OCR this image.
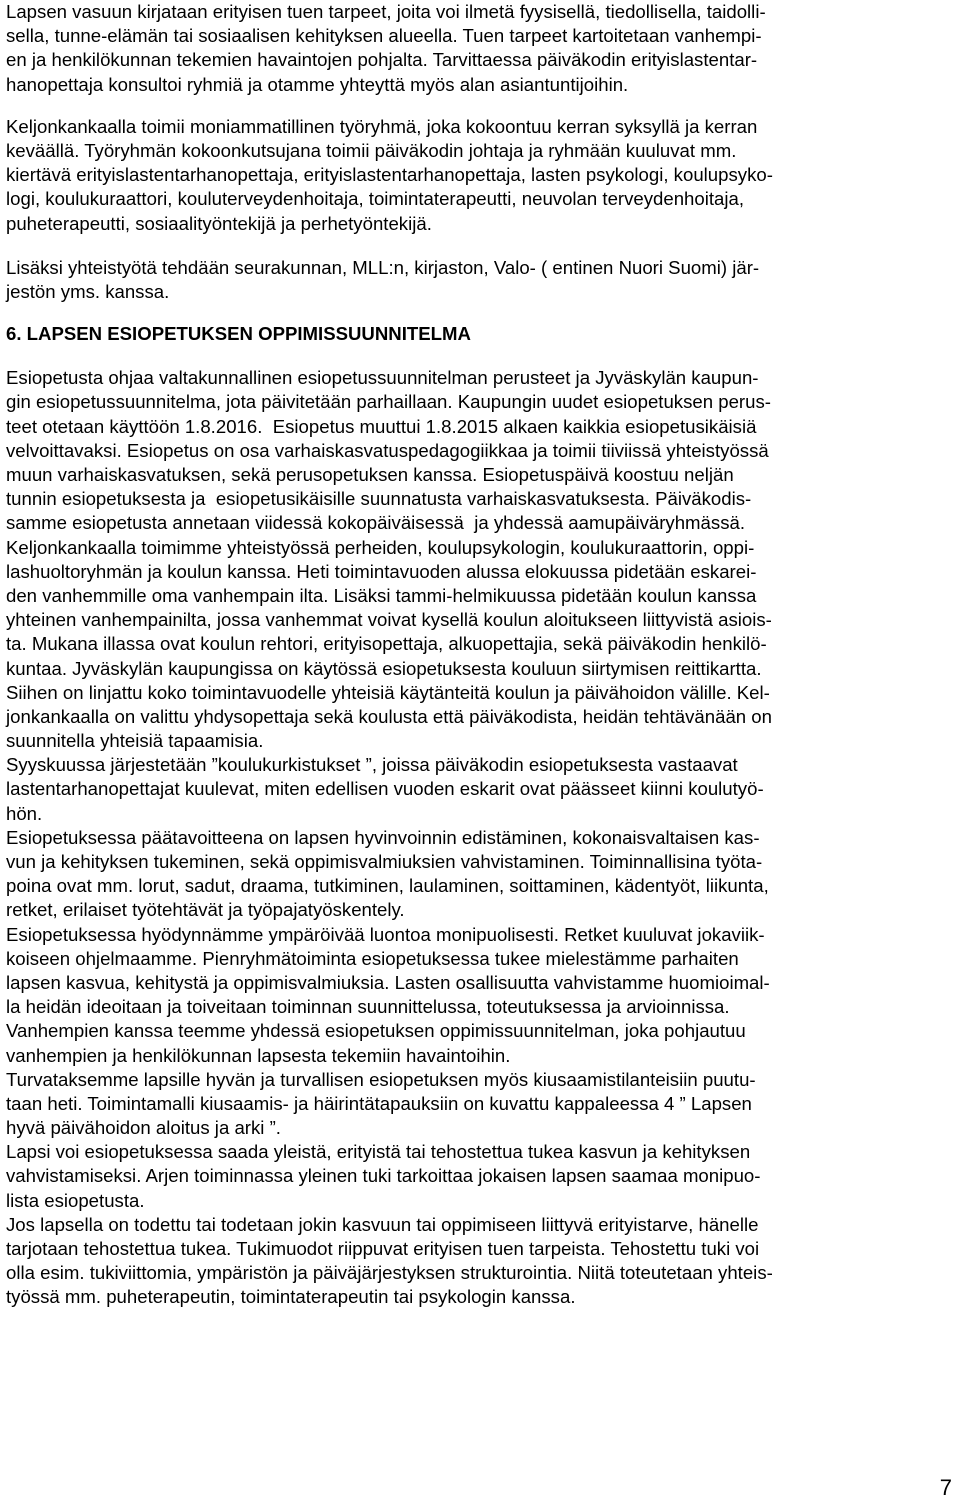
Lapsen vasuun kirjataan erityisen tuen tarpeet, joita voi ilmetä fyysisellä, tiedollisella, taidolli-
sella, tunne-elämän tai sosiaalisen kehityksen alueella. Tuen tarpeet kartoitetaan vanhempi-
en ja henkilökunnan tekemien havaintojen pohjalta. Tarvittaessa päiväkodin erityislastentar-
hanopettaja konsultoi ryhmiä ja otamme yhteyttä myös alan asiantuntijoihin.
Keljonkankaalla toimii moniammatillinen työryhmä, joka kokoontuu kerran syksyllä ja kerran
keväällä. Työryhmän kokoonkutsujana toimii päiväkodin johtaja ja ryhmään kuuluvat mm.
kiertävä erityislastentarhanopettaja, erityislastentarhanopettaja, lasten psykologi, koulupsyko-
logi, koulukuraattori, kouluterveydenhoitaja, toimintaterapeutti, neuvolan terveydenhoitaja,
puheterapeutti, sosiaalityöntekijä ja perhetyöntekijä.
Lisäksi yhteistyötä tehdään seurakunnan, MLL:n, kirjaston, Valo- ( entinen Nuori Suomi) jär-
jestön yms. kanssa.
6. LAPSEN ESIOPETUKSEN OPPIMISSUUNNITELMA
Esiopetusta ohjaa valtakunnallinen esiopetussuunnitelman perusteet ja Jyväskylän kaupun-
gin esiopetussuunnitelma, jota päivitetään parhaillaan. Kaupungin uudet esiopetuksen perus-
teet otetaan käyttöön 1.8.2016.  Esiopetus muuttui 1.8.2015 alkaen kaikkia esiopetusikäisiä
velvoittavaksi. Esiopetus on osa varhaiskasvatuspedagogiikkaa ja toimii tiiviissä yhteistyössä
muun varhaiskasvatuksen, sekä perusopetuksen kanssa. Esiopetuspäivä koostuu neljän
tunnin esiopetuksesta ja  esiopetusikäisille suunnatusta varhaiskasvatuksesta. Päiväkodis-
samme esiopetusta annetaan viidessä kokopäiväisessä  ja yhdessä aamupäiväryhmässä.
Keljonkankaalla toimimme yhteistyössä perheiden, koulupsykologin, koulukuraattorin, oppi-
lashuoltoryhmän ja koulun kanssa. Heti toimintavuoden alussa elokuussa pidetään eskarei-
den vanhemmille oma vanhempain ilta. Lisäksi tammi-helmikuussa pidetään koulun kanssa
yhteinen vanhempainilta, jossa vanhemmat voivat kysellä koulun aloitukseen liittyvistä asiois-
ta. Mukana illassa ovat koulun rehtori, erityisopettaja, alkuopettajia, sekä päiväkodin henkilö-
kuntaa. Jyväskylän kaupungissa on käytössä esiopetuksesta kouluun siirtymisen reittikartta.
Siihen on linjattu koko toimintavuodelle yhteisiä käytänteitä koulun ja päivähoidon välille. Kel-
jonkankaalla on valittu yhdysopettaja sekä koulusta että päiväkodista, heidän tehtävänään on
suunnitella yhteisiä tapaamisia.
Syyskuussa järjestetään ”koulukurkistukset ”, joissa päiväkodin esiopetuksesta vastaavat
lastentarhanopettajat kuulevat, miten edellisen vuoden eskarit ovat päässeet kiinni koulutyö-
hön.
Esiopetuksessa päätavoitteena on lapsen hyvinvoinnin edistäminen, kokonaisvaltaisen kas-
vun ja kehityksen tukeminen, sekä oppimisvalmiuksien vahvistaminen. Toiminnallisina työta-
poina ovat mm. lorut, sadut, draama, tutkiminen, laulaminen, soittaminen, kädentyöt, liikunta,
retket, erilaiset työtehtävät ja työpajatyöskentely.
Esiopetuksessa hyödynnämme ympäröivää luontoa monipuolisesti. Retket kuuluvat jokaviik-
koiseen ohjelmaamme. Pienryhmätoiminta esiopetuksessa tukee mielestämme parhaiten
lapsen kasvua, kehitystä ja oppimisvalmiuksia. Lasten osallisuutta vahvistamme huomioimal-
la heidän ideoitaan ja toiveitaan toiminnan suunnittelussa, toteutuksessa ja arvioinnissa.
Vanhempien kanssa teemme yhdessä esiopetuksen oppimissuunnitelman, joka pohjautuu
vanhempien ja henkilökunnan lapsesta tekemiin havaintoihin.
Turvataksemme lapsille hyvän ja turvallisen esiopetuksen myös kiusaamistilanteisiin puutu-
taan heti. Toimintamalli kiusaamis- ja häirintätapauksiin on kuvattu kappaleessa 4 ” Lapsen
hyvä päivähoidon aloitus ja arki ”.
Lapsi voi esiopetuksessa saada yleistä, erityistä tai tehostettua tukea kasvun ja kehityksen
vahvistamiseksi. Arjen toiminnassa yleinen tuki tarkoittaa jokaisen lapsen saamaa monipuo-
lista esiopetusta.
Jos lapsella on todettu tai todetaan jokin kasvuun tai oppimiseen liittyvä erityistarve, hänelle
tarjotaan tehostettua tukea. Tukimuodot riippuvat erityisen tuen tarpeista. Tehostettu tuki voi
olla esim. tukiviittomia, ympäristön ja päiväjärjestyksen strukturointia. Niitä toteutetaan yhteis-
työssä mm. puheterapeutin, toimintaterapeutin tai psykologin kanssa.
7
